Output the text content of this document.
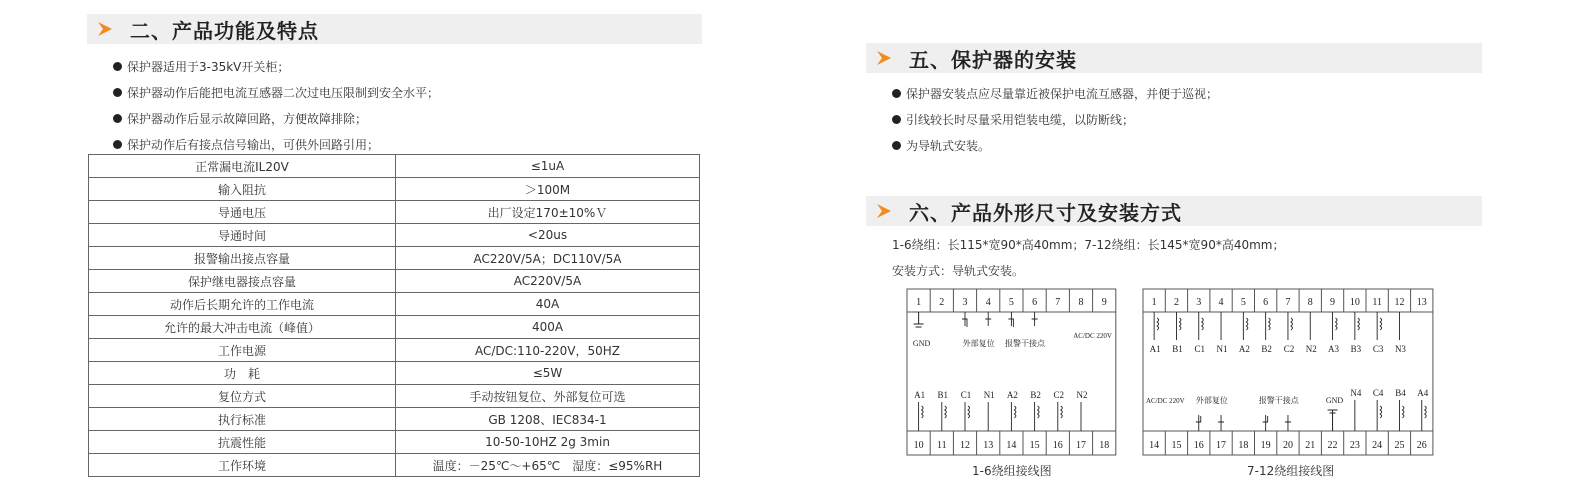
二、产品功能及特点
保护器适用于3-35kV开关柜；
保护器动作后能把电流互感器二次过电压限制到安全水平；
保护器动作后显示故障回路，方便故障排除；
保护动作后有接点信号输出，可供外回路引用；
正常漏电流IL20V	≤1uA
输入阻抗	＞100M
导通电压	出厂设定170±10%Ｖ
导通时间	<20us
报警输出接点容量	AC220V/5A；DC110V/5A
保护继电器接点容量	AC220V/5A
动作后长期允许的工作电流	40A
允许的最大冲击电流（峰值）	400A
工作电源	AC/DC:110-220V，50HZ
功　耗	≤5W
复位方式	手动按钮复位、外部复位可选
执行标准	GB 1208、IEC834-1
抗震性能	10-50-10HZ 2g 3min
工作环境	温度：－25℃～+65℃　湿度：≤95%RH
五、保护器的安装
保护器安装点应尽量靠近被保护电流互感器，并便于巡视；
引线较长时尽量采用铠装电缆，以防断线；
为导轨式安装。
六、产品外形尺寸及安装方式
1-6绕组：长115*宽90*高40mm；7-12绕组：长145*宽90*高40mm；
安装方式：导轨式安装。
1 2 3 4 5 6 7 8 9
10 11 12 13 14 15 16 17 18
GND	外部复位 报警干接点
AC/DC 220V
A1 B1 C1 N1 A2 B2 C2 N2
1-6绕组接线图
1 2 3 4 5 6 7 8 9 10 11 12 13
14 15 16 17 18 19 20 21 22 23 24 25 26
A1 B1 C1 N1 A2 B2 C2 N2 A3 B3 C3 N3
AC/DC 220V 外部复位	报警干接点	GND
N4 C4 B4 A4
7-12绕组接线图
